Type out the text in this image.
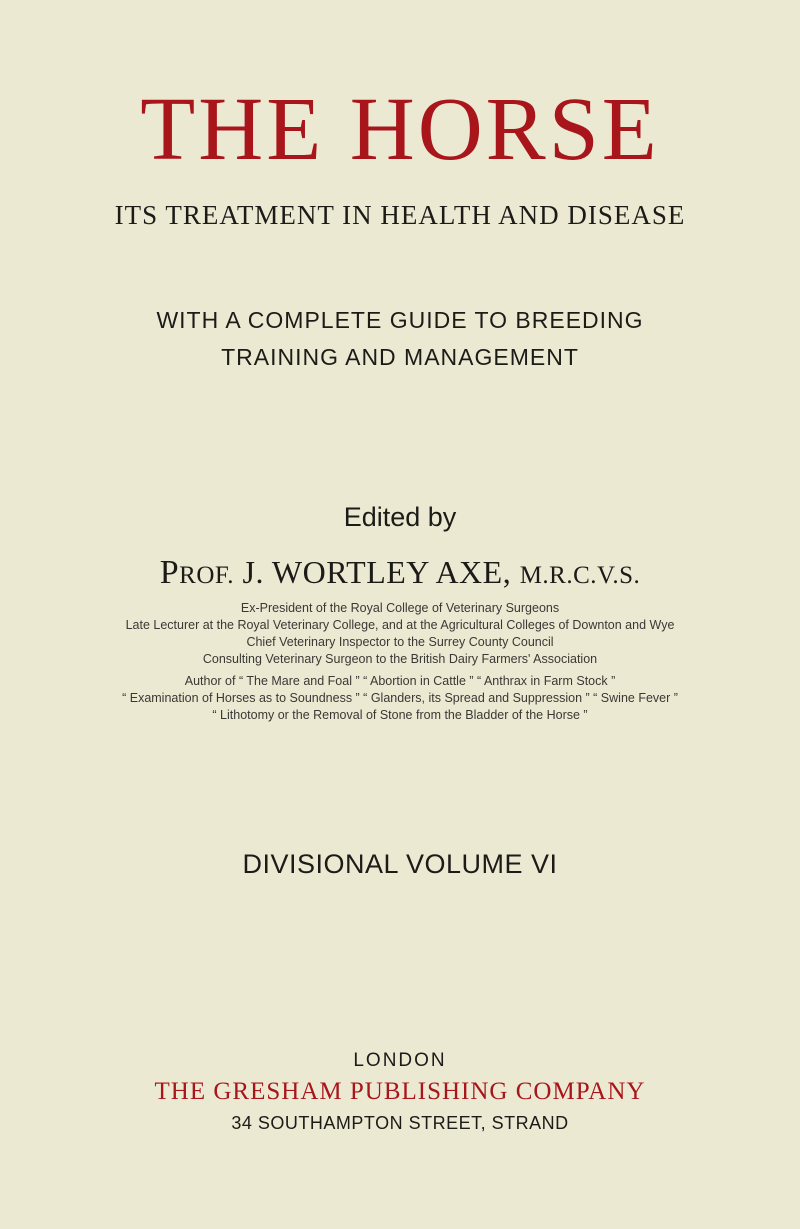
THE HORSE
ITS TREATMENT IN HEALTH AND DISEASE
WITH A COMPLETE GUIDE TO BREEDING
TRAINING AND MANAGEMENT
Edited by
PROF. J. WORTLEY AXE, M.R.C.V.S.
Ex-President of the Royal College of Veterinary Surgeons
Late Lecturer at the Royal Veterinary College, and at the Agricultural Colleges of Downton and Wye
Chief Veterinary Inspector to the Surrey County Council
Consulting Veterinary Surgeon to the British Dairy Farmers' Association
Author of “ The Mare and Foal ” “ Abortion in Cattle ” “ Anthrax in Farm Stock ”
“ Examination of Horses as to Soundness ” “ Glanders, its Spread and Suppression ” “ Swine Fever ”
“ Lithotomy or the Removal of Stone from the Bladder of the Horse ”
DIVISIONAL VOLUME VI
LONDON
THE GRESHAM PUBLISHING COMPANY
34 SOUTHAMPTON STREET, STRAND
